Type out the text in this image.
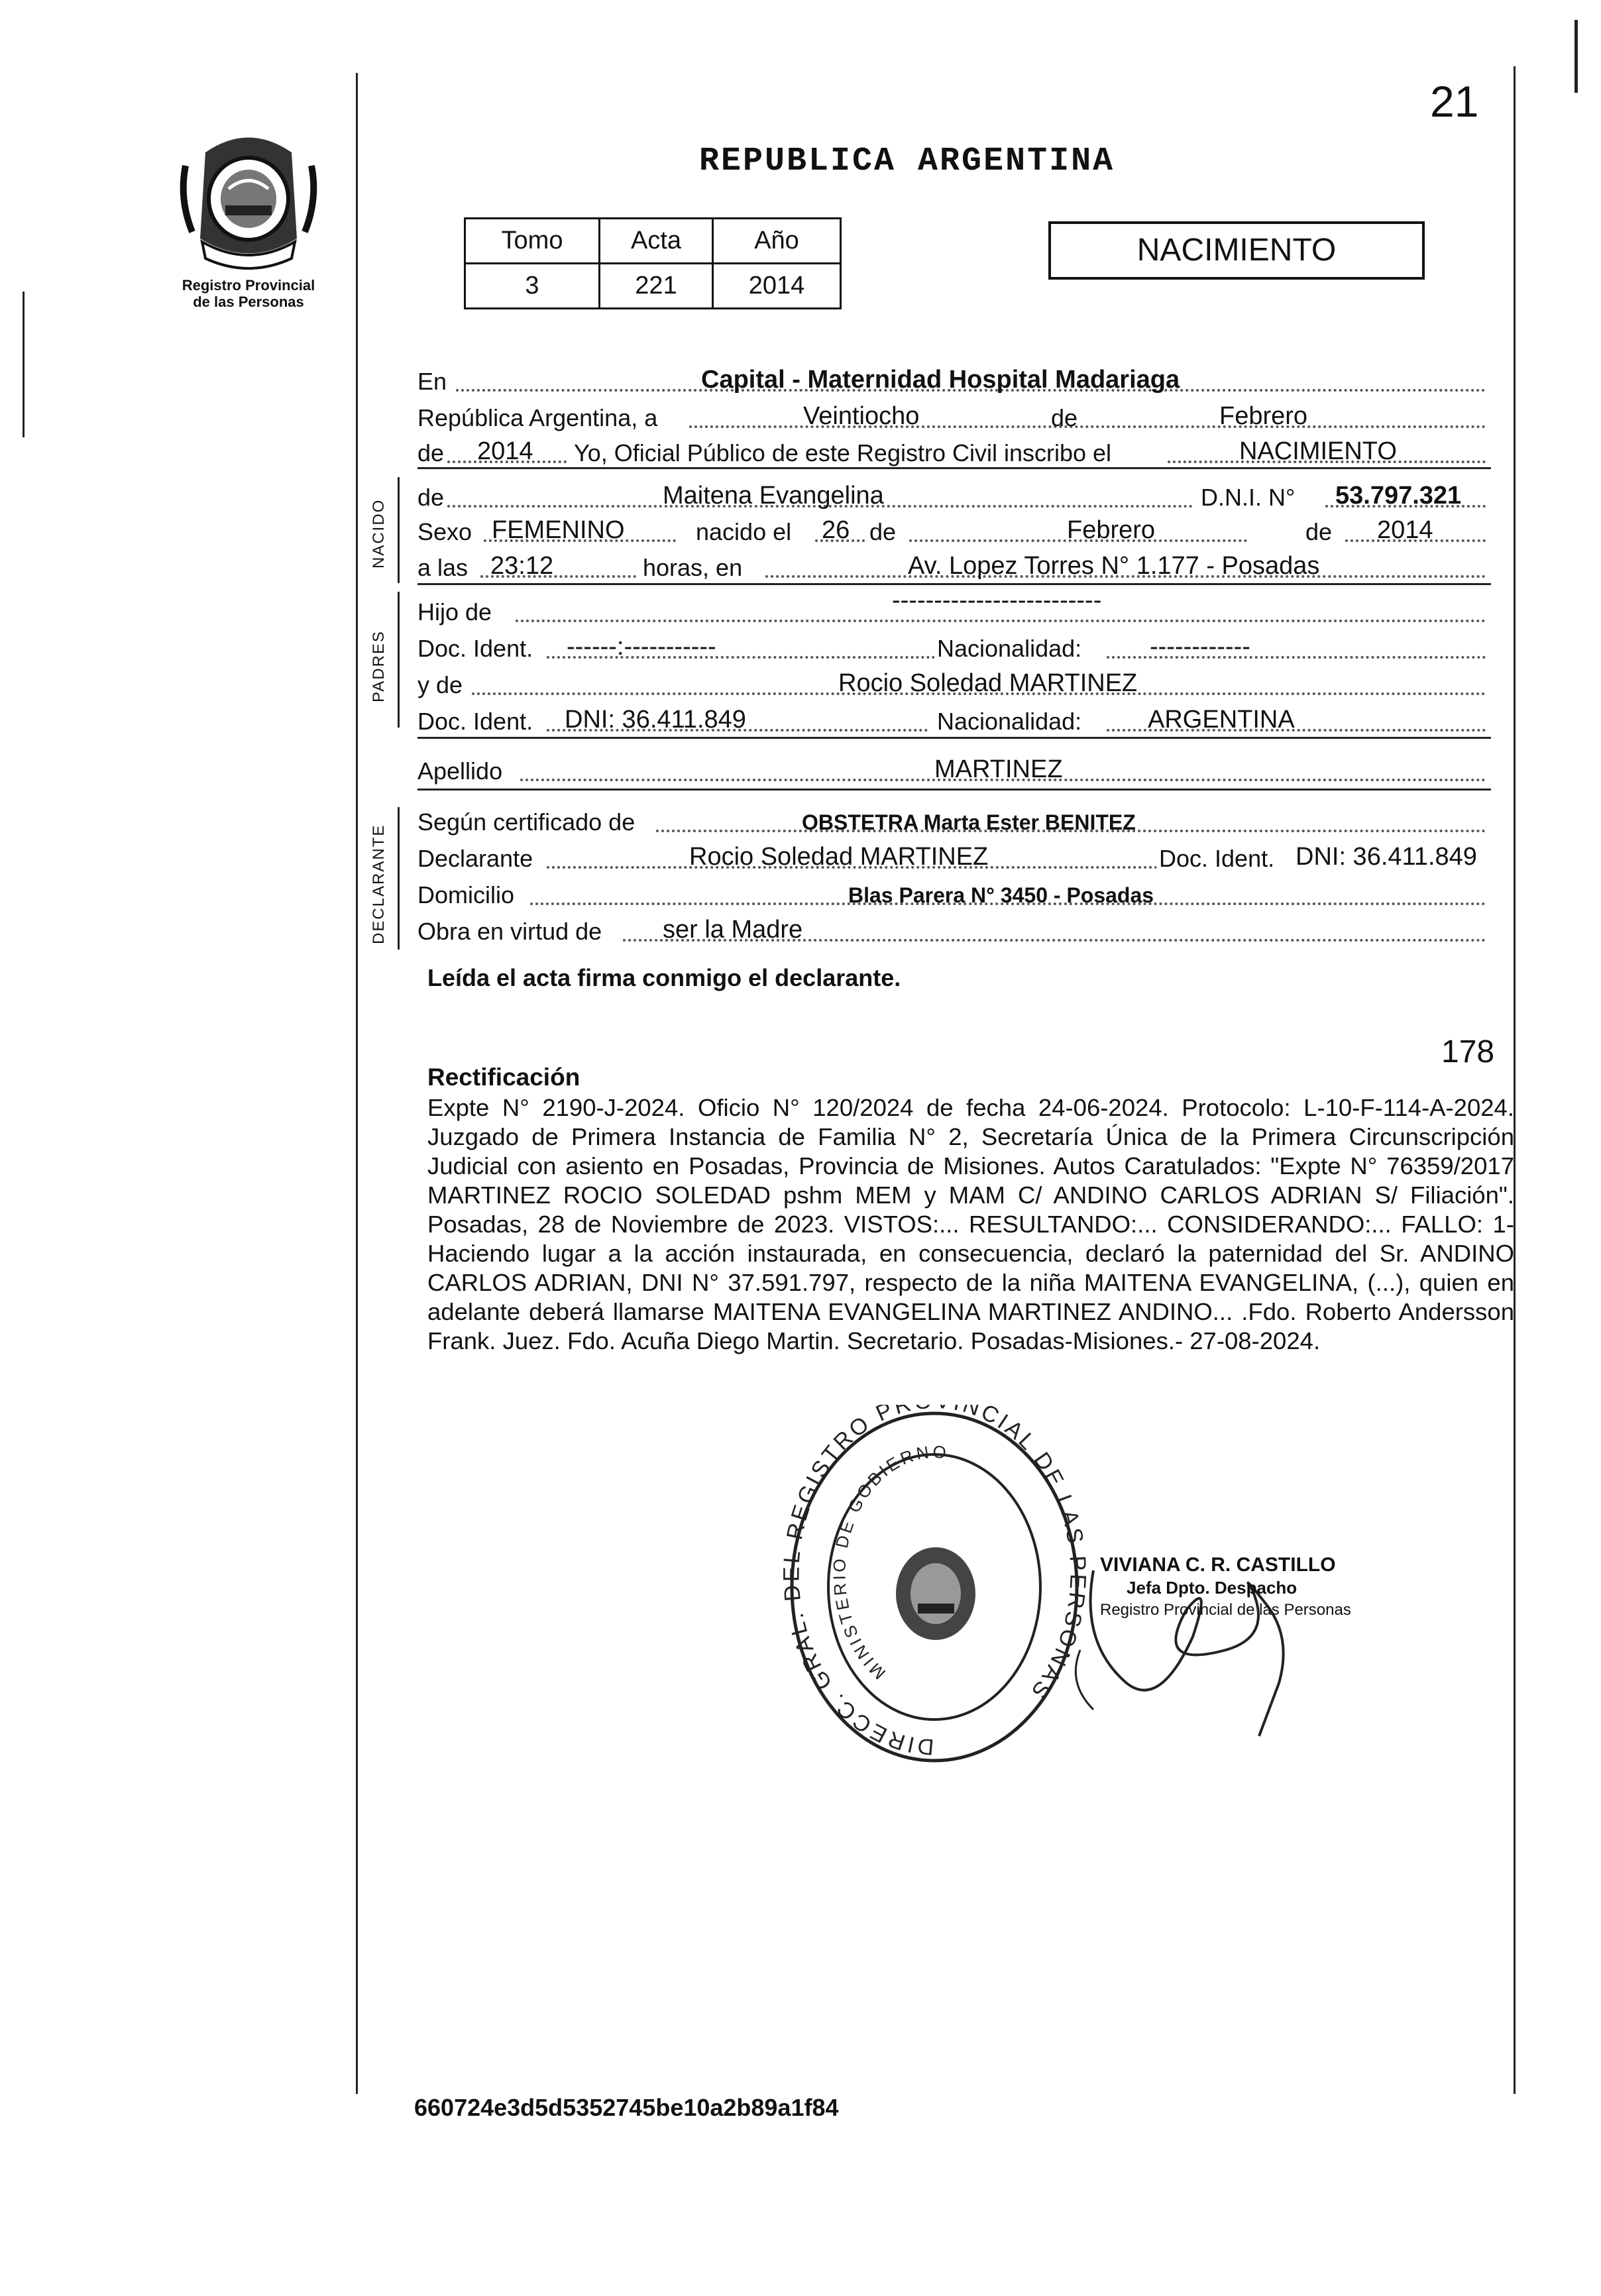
Registro Provincial
de las Personas
21
REPUBLICA ARGENTINA
Tomo	Acta	Año
3	221	2014
NACIMIENTO
En	Capital - Maternidad Hospital Madariaga
República Argentina, a	Veintiocho	de	Febrero
de 2014 Yo, Oficial Público de este Registro Civil inscribo el	NACIMIENTO
NACIDO
de	Maitena Evangelina	D.N.I. N° 53.797.321
Sexo FEMENINO	nacido el 26 de	Febrero	de 2014
a las 23:12	horas, en	Av. Lopez Torres N° 1.177 - Posadas
PADRES
Hijo de	-------------------------
Doc. Ident. ------:-----------	Nacionalidad:	------------
y de	Rocio Soledad MARTINEZ
Doc. Ident. DNI: 36.411.849	Nacionalidad:	ARGENTINA
Apellido	MARTINEZ
DECLARANTE
Según certificado de	OBSTETRA Marta Ester BENITEZ
Declarante	Rocio Soledad MARTINEZ	Doc. Ident. DNI: 36.411.849
Domicilio	Blas Parera N° 3450 - Posadas
Obra en virtud de ser la Madre
Leída el acta firma conmigo el declarante.
178
Rectificación
Expte N° 2190-J-2024. Oficio N° 120/2024 de fecha 24-06-2024. Protocolo: L-10-F-114-A-2024. Juzgado de Primera Instancia de Familia N° 2, Secretaría Única de la Primera Circunscripción Judicial con asiento en Posadas, Provincia de Misiones. Autos Caratulados: "Expte N° 76359/2017 MARTINEZ ROCIO SOLEDAD pshm MEM y MAM C/ ANDINO CARLOS ADRIAN S/ Filiación". Posadas, 28 de Noviembre de 2023. VISTOS:... RESULTANDO:... CONSIDERANDO:... FALLO: 1- Haciendo lugar a la acción instaurada, en consecuencia, declaró la paternidad del Sr. ANDINO CARLOS ADRIAN, DNI N° 37.591.797, respecto de la niña MAITENA EVANGELINA, (...), quien en adelante deberá llamarse MAITENA EVANGELINA MARTINEZ ANDINO... .Fdo. Roberto Andersson Frank. Juez. Fdo. Acuña Diego Martin. Secretario. Posadas-Misiones.- 27-08-2024.
DIRECC. GRAL. REGISTRO PR NCIAL DE LAS SONAS
MINISTERIO DE GOBIERNO
VIVIANA C. R. CASTILLO
Jefa Dpto. Despacho
Registro Provincial de las Personas
660724e3d5d5352745be10a2b89a1f84
